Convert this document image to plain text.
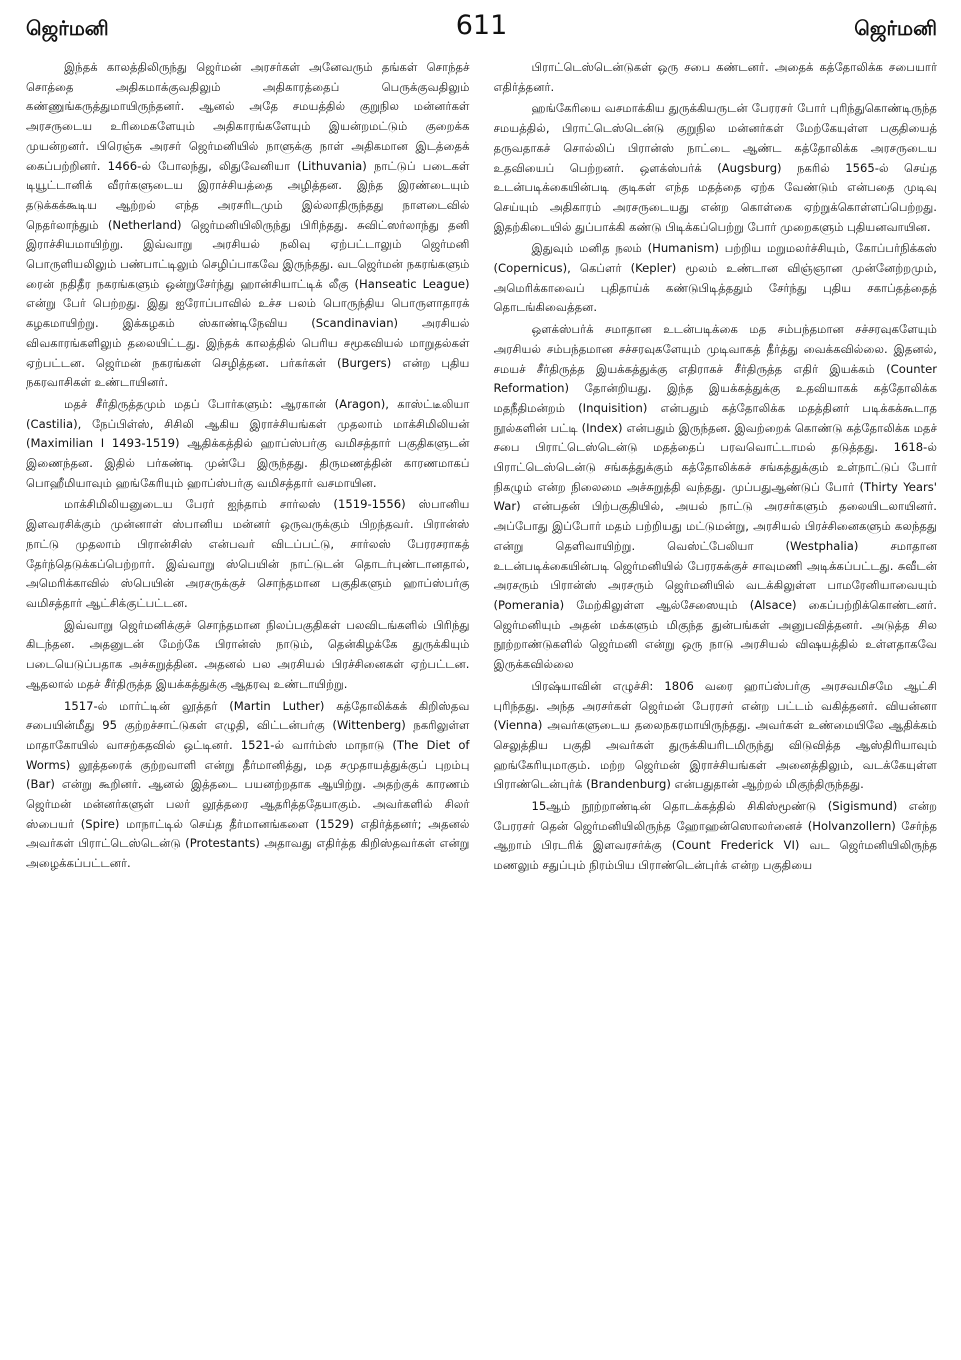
ஜெர்மனி	611	ஜெர்மனி

இந்தக் காலத்திலிருந்து ஜெர்மன் அரசர்கள் அனேவரும் தங்கள் சொந்தச் சொத்தை அதிகமாக்குவதிலும் அதிகாரத்தைப் பெருக்குவதிலும் கண்ணுங்கருத்துமாயிருந்தனர். ஆனல் அதே சமயத்தில் குறுநில மன்னர்கள் அரசருடைய உரிமைகளேயும் அதிகாரங்களேயும் இயன்றமட்டும் குறைக்க முயன்றனர். பிரெஞ்சு அரசர் ஜெர்மனியில் நாளுக்கு நாள் அதிகமான இடத்தைக் கைப்பற்றினர். 1466-ல் போலந்து, லிதுவேனியா (Lithuvania) நாட்டுப் படைகள் டியூட்டானிக் வீரர்களுடைய இராச்சியத்தை அழித்தன. இந்த இரண்டையும் தடுக்கக்கூடிய ஆற்றல் எந்த அரசரிடமும் இல்லாதிருந்தது நாளடைவில் நெதர்லாந்தும் (Netherland) ஜெர்மனியிலிருந்து பிரிந்தது. சுவிட்ஸர்லாந்து தனி இராச்சியமாயிற்று. இவ்வாறு அரசியல் நலிவு ஏற்பட்டாலும் ஜெர்மனி பொருளியலிலும் பண்பாட்டிலும் செழிப்பாகவே இருந்தது. வடஜெர்மன் நகரங்களும் ரைன் நதிதீர நகரங்களும் ஒன்றுசேர்ந்து ஹான்சியாட்டிக் லீகு (Hanseatic League) என்று பேர் பெற்றது. இது ஐரோப்பாவில் உச்ச பலம் பொருந்திய பொருளாதாரக் கழகமாயிற்று. இக்கழகம் ஸ்காண்டிநேவிய (Scandinavian) அரசியல் விவகாரங்களிலும் தலையிட்டது. இந்தக் காலத்தில் பெரிய சமூகவியல் மாறுதல்கள் ஏற்பட்டன. ஜெர்மன் நகரங்கள் செழித்தன. பர்கர்கள் (Burgers) என்ற புதிய நகரவாசிகள் உண்டாயினர்.

மதச் சீர்திருத்தமும் மதப் போர்களும்: ஆரகான் (Aragon), காஸ்ட்டீலியா (Castilia), நேப்பிள்ஸ், சிசிலி ஆகிய இராச்சியங்கள் முதலாம் மாக்சிமிலியன் (Maximilian I 1493-1519) ஆதிக்கத்தில் ஹாப்ஸ்பர்கு வமிசத்தார் பகுதிகளுடன் இணைந்தன. இதில் பர்கண்டி முன்பே இருந்தது. திருமணத்தின் காரணமாகப் பொஹீமியாவும் ஹங்கேரியும் ஹாப்ஸ்பர்கு வமிசத்தார் வசமாயின.

மாக்சிமிலியனுடைய பேரர் ஐந்தாம் சார்லஸ் (1519-1556) ஸ்பானிய இளவரசிக்கும் முன்னாள் ஸ்பானிய மன்னர் ஒருவருக்கும் பிறந்தவர். பிரான்ஸ் நாட்டு முதலாம் பிரான்சிஸ் என்பவர் விடப்பட்டு, சார்லஸ் பேரரசராகத் தேர்ந்தெடுக்கப்பெற்றார். இவ்வாறு ஸ்பெயின் நாட்டுடன் தொடர்புண்டானதால், அமெரிக்காவில் ஸ்பெயின் அரசருக்குச் சொந்தமான பகுதிகளும் ஹாப்ஸ்பர்கு வமிசத்தார் ஆட்சிக்குட்பட்டன.

இவ்வாறு ஜெர்மனிக்குச் சொந்தமான நிலப்பகுதிகள் பலவிடங்களில் பிரிந்து கிடந்தன. அதனுடன் மேற்கே பிரான்ஸ் நாடும், தென்கிழக்கே துருக்கியும் படையெடுப்பதாக அச்சுறுத்தின. அதனல் பல அரசியல் பிரச்சினைகள் ஏற்பட்டன. ஆதலால் மதச் சீர்திருத்த இயக்கத்துக்கு ஆதரவு உண்டாயிற்று.

1517-ல் மார்ட்டின் லூத்தர் (Martin Luther) கத்தோலிக்கக் கிறிஸ்தவ சபையின்மீது 95 குற்றச்சாட்டுகள் எழுதி, விட்டன்பர்கு (Wittenberg) நகரிலுள்ள மாதாகோயில் வாசற்கதவில் ஒட்டினர். 1521-ல் வார்ம்ஸ் மாநாடு (The Diet of Worms) லூத்தரைக் குற்றவாளி என்று தீர்மானித்து, மத சமுதாயத்துக்குப் புறம்பு (Bar) என்று கூறினர். ஆனல் இத்தடை பயனற்றதாக ஆயிற்று. அதற்குக் காரணம் ஜெர்மன் மன்னர்களுள் பலர் லூத்தரை ஆதரித்ததேயாகும். அவர்களில் சிலர் ஸ்பையர் (Spire) மாநாட்டில் செய்த தீர்மானங்களை (1529) எதிர்த்தனர்; அதனல் அவர்கள் பிராட்டெஸ்டென்டு (Protestants) அதாவது எதிர்த்த கிறிஸ்தவர்கள் என்று அழைக்கப்பட்டனர்.

பிராட்டெஸ்டென்டுகள் ஒரு சபை கண்டனர். அதைக் கத்தோலிக்க சபையார் எதிர்த்தனர்.

ஹங்கேரியை வசமாக்கிய துருக்கியருடன் பேரரசர் போர் புரிந்துகொண்டிருந்த சமயத்தில், பிராட்டெஸ்டென்டு குறுநில மன்னர்கள் மேற்கேயுள்ள பகுதியைத் தருவதாகச் சொல்லிப் பிரான்ஸ் நாட்டை ஆண்ட கத்தோலிக்க அரசருடைய உதவியைப் பெற்றனர். ஒளக்ஸ்பர்க் (Augsburg) நகரில் 1565-ல் செய்த உடன்படிக்கையின்படி குடிகள் எந்த மதத்தை ஏற்க வேண்டும் என்பதை முடிவு செய்யும் அதிகாரம் அரசருடையது என்ற கொள்கை ஏற்றுக்கொள்ளப்பெற்றது. இதற்கிடையில் துப்பாக்கி கண்டு பிடிக்கப்பெற்று போர் முறைகளும் புதியனவாயின.

இதுவும் மனித நலம் (Humanism) பற்றிய மறுமலர்ச்சியும், கோப்பர்நிக்கஸ் (Copernicus), கெப்ளர் (Kepler) மூலம் உண்டான விஞ்ஞான முன்னேற்றமும், அமெரிக்காவைப் புதிதாய்க் கண்டுபிடித்ததும் சேர்ந்து புதிய சகாப்தத்தைத் தொடங்கிவைத்தன.

ஒளக்ஸ்பர்க் சமாதான உடன்படிக்கை மத சம்பந்தமான சச்சரவுகளேயும் அரசியல் சம்பந்தமான சச்சரவுகளேயும் முடிவாகத் தீர்த்து வைக்கவில்லை. இதனல், சமயச் சீர்திருத்த இயக்கத்துக்கு எதிராகச் சீர்திருத்த எதிர் இயக்கம் (Counter Reformation) தோன்றியது. இந்த இயக்கத்துக்கு உதவியாகக் கத்தோலிக்க மதநீதிமன்றம் (Inquisition) என்பதும் கத்தோலிக்க மதத்தினர் படிக்கக்கூடாத நூல்களின் பட்டி (Index) என்பதும் இருந்தன. இவற்றைக் கொண்டு கத்தோலிக்க மதச் சபை பிராட்டெஸ்டென்டு மதத்தைப் பரவவொட்டாமல் தடுத்தது. 1618-ல் பிராட்டெஸ்டென்டு சங்கத்துக்கும் கத்தோலிக்கச் சங்கத்துக்கும் உள்நாட்டுப் போர் நிகழும் என்ற நிலைமை அச்சுறுத்தி வந்தது. முப்பதுஆண்டுப் போர் (Thirty Years' War) என்பதன் பிற்பகுதியில், அயல் நாட்டு அரசர்களும் தலையிடலாயினர். அப்போது இப்போர் மதம் பற்றியது மட்டுமன்று, அரசியல் பிரச்சினைகளும் கலந்தது என்று தெளிவாயிற்று. வெஸ்ட்பேலியா (Westphalia) சமாதான உடன்படிக்கையின்படி ஜெர்மனியில் பேரரசுக்குச் சாவுமணி அடிக்கப்பட்டது. சுவீடன் அரசரும் பிரான்ஸ் அரசரும் ஜெர்மனியில் வடக்கிலுள்ள பாமரேனியாவையும் (Pomerania) மேற்கிலுள்ள ஆல்சேஸையும் (Alsace) கைப்பற்றிக்கொண்டனர். ஜெர்மனியும் அதன் மக்களும் மிகுந்த துன்பங்கள் அனுபவித்தனர். அடுத்த சில நூற்றாண்டுகளில் ஜெர்மனி என்று ஒரு நாடு அரசியல் விஷயத்தில் உள்ளதாகவே இருக்கவில்லை

பிரஷ்யாவின் எழுச்சி: 1806 வரை ஹாப்ஸ்பர்கு அரசவமிசமே ஆட்சி புரிந்தது. அந்த அரசர்கள் ஜெர்மன் பேரரசர் என்ற பட்டம் வகித்தனர். வியன்னா (Vienna) அவர்களுடைய தலைநகரமாயிருந்தது. அவர்கள் உண்மையிலே ஆதிக்கம் செலுத்திய பகுதி அவர்கள் துருக்கியரிடமிருந்து விடுவித்த ஆஸ்திரியாவும் ஹங்கேரியுமாகும். மற்ற ஜெர்மன் இராச்சியங்கள் அனைத்திலும், வடக்கேயுள்ள பிராண்டென்புர்க் (Brandenburg) என்பதுதான் ஆற்றல் மிகுந்திருந்தது.

15ஆம் நூற்றாண்டின் தொடக்கத்தில் சிகிஸ்மூண்டு (Sigismund) என்ற பேரரசர் தென் ஜெர்மனியிலிருந்த ஹோஹன்ஸொலர்னைச் (Holvanzollern) சேர்ந்த ஆறாம் பிரடரிக் இளவரசர்க்கு (Count Frederick VI) வட ஜெர்மனியிலிருந்த மணலும் சதுப்பும் நிரம்பிய பிராண்டென்புர்க் என்ற பகுதியை
